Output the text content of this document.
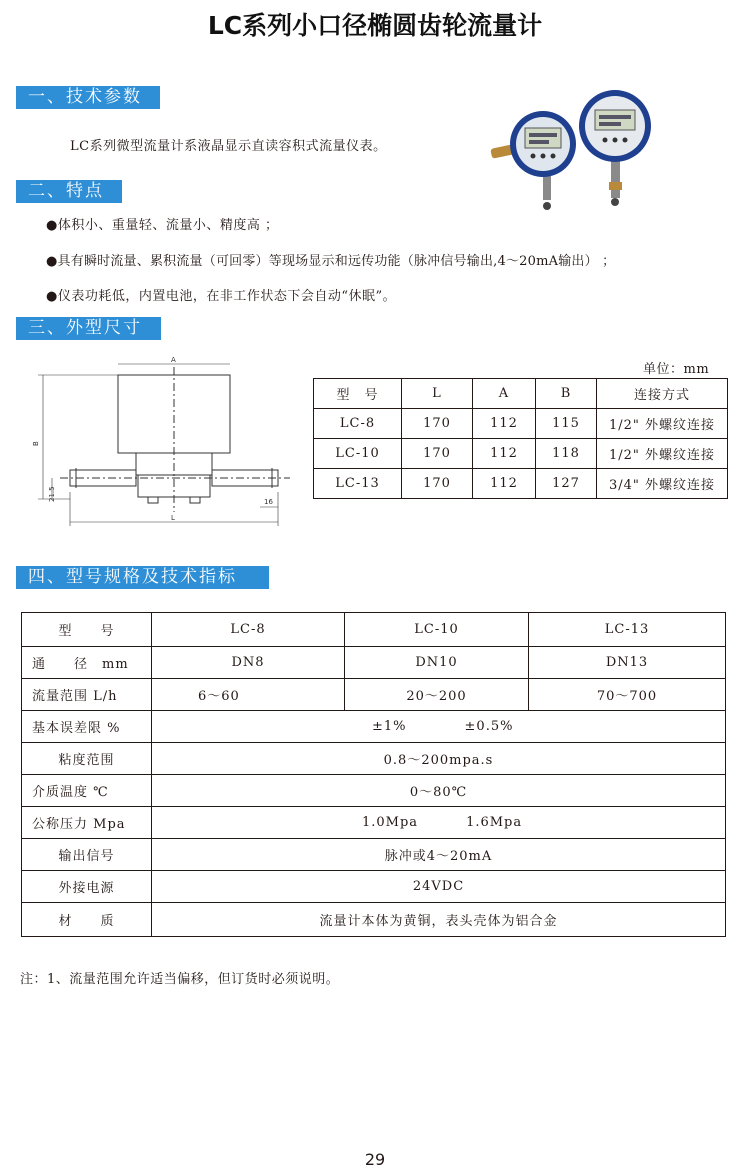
LC系列小口径椭圆齿轮流量计
一、技术参数
LC系列微型流量计系液晶显示直读容积式流量仪表。
二、特点
●体积小、重量轻、流量小、精度高 ；
●具有瞬时流量、累积流量（可回零）等现场显示和远传功能（脉冲信号输出,4～20mA输出） ；
●仪表功耗低，内置电池，在非工作状态下会自动“休眠”。
三、外型尺寸
A
B
21.5
L
16
单位：mm
型　号	L	A	B	连接方式
LC-8	170	112	115	1/2" 外螺纹连接
LC-10	170	112	118	1/2" 外螺纹连接
LC-13	170	112	127	3/4" 外螺纹连接
四、型号规格及技术指标
型　　号	LC-8	LC-10	LC-13
通　　径　mm	DN8	DN10	DN13
流量范围 L/h	6～60	20～200	70～700
基本误差限 %	±1% ±0.5%		
粘度范围	0.8～200mpa.s		
介质温度 ℃	0～80℃		
公称压力 Mpa	1.0Mpa 1.6Mpa		
输出信号	脉冲或4～20mA		
外接电源	24VDC		
材　　质	流量计本体为黄铜，表头壳体为铝合金		
注：1、流量范围允许适当偏移，但订货时必须说明。
29
